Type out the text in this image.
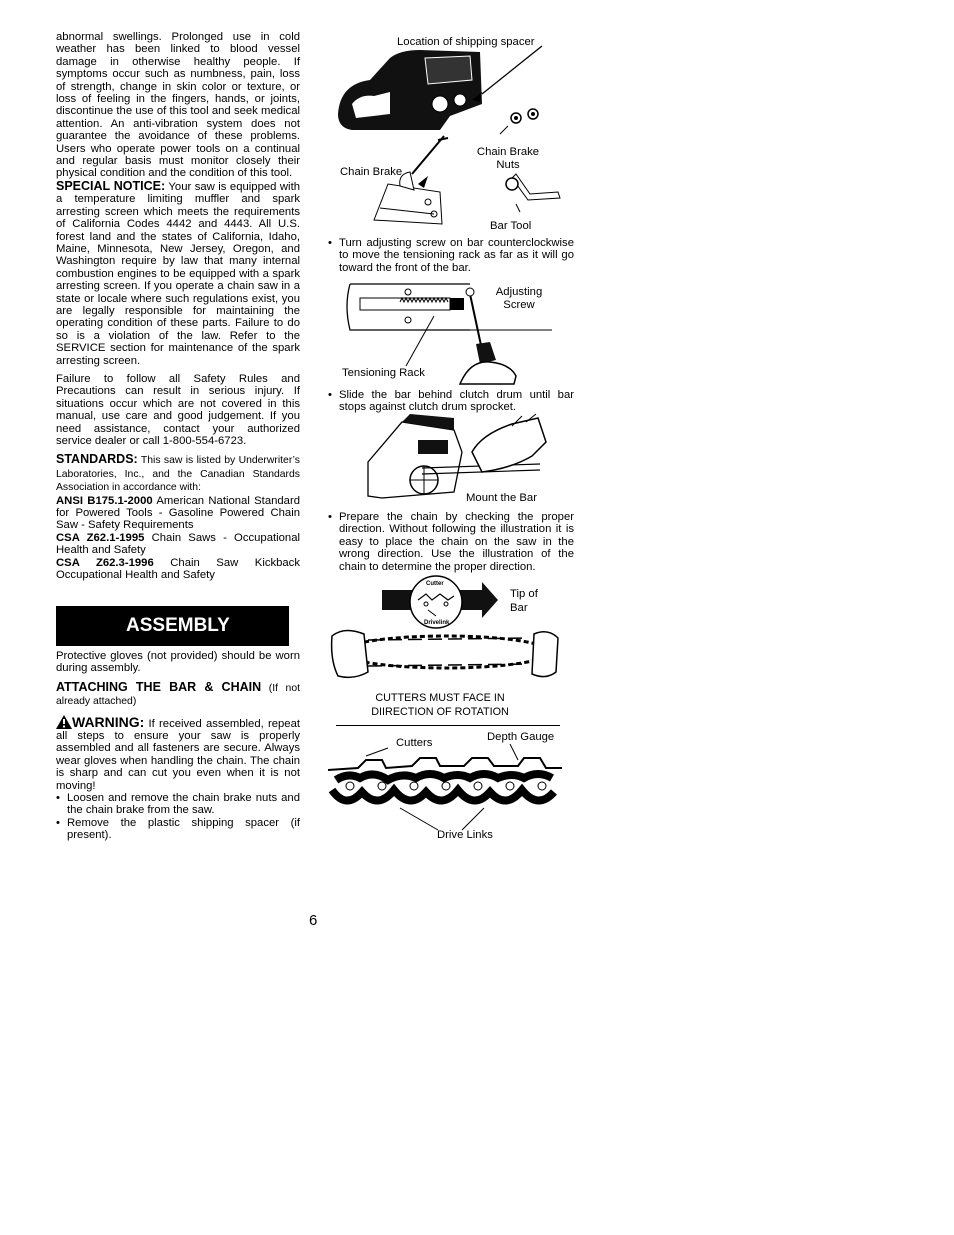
abnormal swellings. Prolonged use in cold weather has been linked to blood vessel damage in otherwise healthy people. If symptoms occur such as numbness, pain, loss of strength, change in skin color or texture, or loss of feeling in the fingers, hands, or joints, discontinue the use of this tool and seek medical attention. An anti-vibration system does not guarantee the avoidance of these problems. Users who operate power tools on a continual and regular basis must monitor closely their physical condition and the condition of this tool.

SPECIAL NOTICE: Your saw is equipped with a temperature limiting muffler and spark arresting screen which meets the requirements of California Codes 4442 and 4443. All U.S. forest land and the states of California, Idaho, Maine, Minnesota, New Jersey, Oregon, and Washington require by law that many internal combustion engines to be equipped with a spark arresting screen. If you operate a chain saw in a state or locale where such regulations exist, you are legally responsible for maintaining the operating condition of these parts. Failure to do so is a violation of the law. Refer to the SERVICE section for maintenance of the spark arresting screen.

Failure to follow all Safety Rules and Precautions can result in serious injury. If situations occur which are not covered in this manual, use care and good judgement. If you need assistance, contact your authorized service dealer or call 1-800-554-6723.

STANDARDS: This saw is listed by Underwriter’s Laboratories, Inc., and the Canadian Standards Association in accordance with:

ANSI B175.1-2000 American National Standard for Powered Tools - Gasoline Powered Chain Saw - Safety Requirements

CSA Z62.1-1995 Chain Saws - Occupational Health and Safety

CSA Z62.3-1996 Chain Saw Kickback Occupational Health and Safety

ASSEMBLY

Protective gloves (not provided) should be worn during assembly.

ATTACHING THE BAR & CHAIN (If not already attached)

WARNING: If received assembled, repeat all steps to ensure your saw is properly assembled and all fasteners are secure. Always wear gloves when handling the chain. The chain is sharp and can cut you even when it is not moving!

• Loosen and remove the chain brake nuts and the chain brake from the saw.
• Remove the plastic shipping spacer (if present).
Location of shipping spacer
Chain Brake
Chain Brake
Nuts
Bar Tool
• Turn adjusting screw on bar counterclockwise to move the tensioning rack as far as it will go toward the front of the bar.
Adjusting
Screw
Tensioning Rack
• Slide the bar behind clutch drum until bar stops against clutch drum sprocket.
Mount the Bar
• Prepare the chain by checking the proper direction. Without following the illustration it is easy to place the chain on the saw in the wrong direction. Use the illustration of the chain to determine the proper direction.
Cutter
Drivelink
Tip of
Bar
CUTTERS MUST FACE IN
DIIRECTION OF ROTATION
Cutters	Depth Gauge
Drive Links
6
